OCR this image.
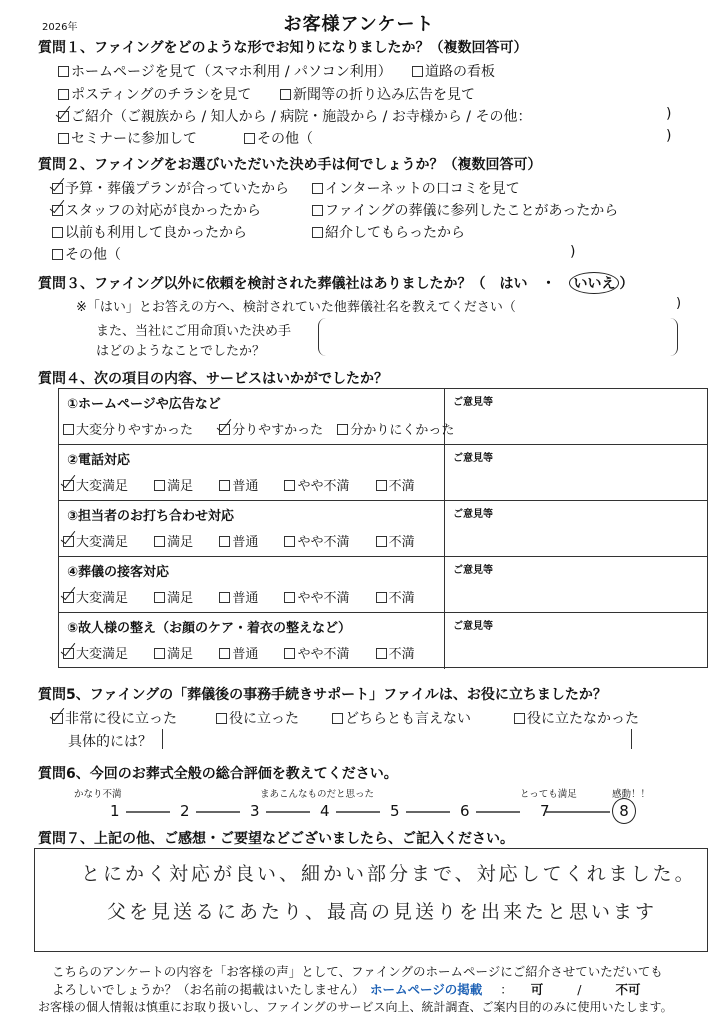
2026年	お客様アンケート
質問１、ファイングをどのような形でお知りになりましたか？（複数回答可）
ホームページを見て（スマホ利用 / パソコン利用）	道路の看板
ポスティングのチラシを見て	新聞等の折り込み広告を見て
ご紹介（ご親族から / 知人から / 病院・施設から / お寺様から / その他：	)
セミナーに参加して	その他（	)
質問２、ファイングをお選びいただいた決め手は何でしょうか？（複数回答可）
予算・葬儀プランが合っていたから	インターネットの口コミを見て
スタッフの対応が良かったから	ファイングの葬儀に参列したことがあったから
以前も利用して良かったから	紹介してもらったから
その他（	)
質問３、ファイング以外に依頼を検討された葬儀社はありましたか？（ はい ・ いいえ ）
※「はい」とお答えの方へ、検討されていた他葬儀社名を教えてください（	)
また、当社にご用命頂いた決め手
はどのようなことでしたか？
質問４、次の項目の内容、サービスはいかがでしたか？
①ホームページや広告など
大変分りやすかった	分りやすかった 分かりにくかった
ご意見等
②電話対応
大変満足	満足	普通	やや不満	不満
ご意見等
③担当者のお打ち合わせ対応
大変満足	満足	普通	やや不満	不満
ご意見等
④葬儀の接客対応
大変満足	満足	普通	やや不満	不満
ご意見等
⑤故人様の整え（お顔のケア・着衣の整えなど）
大変満足	満足	普通	やや不満	不満
ご意見等
質問5、ファイングの「葬儀後の事務手続きサポート」ファイルは、お役に立ちましたか？
非常に役に立った	役に立った	どちらとも言えない	役に立たなかった
具体的には？
質問6、今回のお葬式全般の総合評価を教えてください。
かなり不満	まあこんなものだと思った	とっても満足	感動！！
1	2	3	4	5	6	7	8
質問７、上記の他、ご感想・ご要望などございましたら、ご記入ください。
とにかく対応が良い、細かい部分まで、対応してくれました。
父を見送るにあたり、最高の見送りを出来たと思います
こちらのアンケートの内容を「お客様の声」として、ファイングのホームページにご紹介させていただいても
よろしいでしょうか？（お名前の掲載はいたしません） ホームページの掲載 ： 可	/	不可
お客様の個人情報は慎重にお取り扱いし、ファイングのサービス向上、統計調査、ご案内目的のみに使用いたします。
